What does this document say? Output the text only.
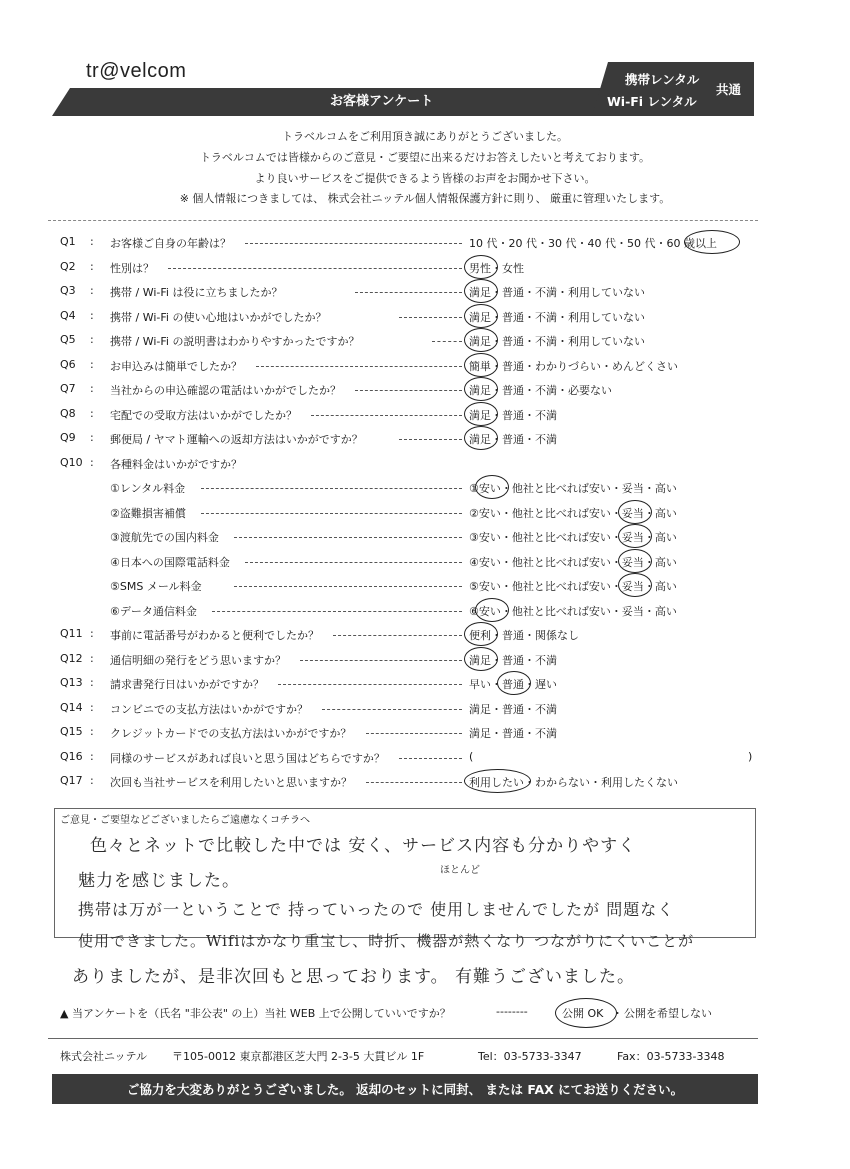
tr@velcom
お客様アンケート
携帯レンタル
Wi-Fi レンタル
共通
トラベルコムをご利用頂き誠にありがとうございました。
トラベルコムでは皆様からのご意見・ご要望に出来るだけお答えしたいと考えております。
より良いサービスをご提供できるよう皆様のお声をお聞かせ下さい。
※ 個人情報につきましては、 株式会社ニッテル個人情報保護方針に則り、 厳重に管理いたします。
Q1 : お客様ご自身の年齢は？	10 代・20 代・30 代・40 代・50 代・60 歳以上
Q2 : 性別は？	男性・女性
Q3 : 携帯 / Wi-Fi は役に立ちましたか？	満足・普通・不満・利用していない
Q4 : 携帯 / Wi-Fi の使い心地はいかがでしたか？	満足・普通・不満・利用していない
Q5 : 携帯 / Wi-Fi の説明書はわかりやすかったですか？	満足・普通・不満・利用していない
Q6 : お申込みは簡単でしたか？	簡単・普通・わかりづらい・めんどくさい
Q7 : 当社からの申込確認の電話はいかがでしたか？	満足・普通・不満・必要ない
Q8 : 宅配での受取方法はいかがでしたか？	満足・普通・不満
Q9 : 郵便局 / ヤマト運輸への返却方法はいかがですか？	満足・普通・不満
Q10 : 各種料金はいかがですか？
①レンタル料金	①安い・他社と比べれば安い・妥当・高い
②盗難損害補償	②安い・他社と比べれば安い・妥当・高い
③渡航先での国内料金	③安い・他社と比べれば安い・妥当・高い
④日本への国際電話料金	④安い・他社と比べれば安い・妥当・高い
⑤SMS メール料金	⑤安い・他社と比べれば安い・妥当・高い
⑥データ通信料金	⑥安い・他社と比べれば安い・妥当・高い
Q11 : 事前に電話番号がわかると便利でしたか？	便利・普通・関係なし
Q12 : 通信明細の発行をどう思いますか？	満足・普通・不満
Q13 : 請求書発行日はいかがですか？	早い・普通・遅い
Q14 : コンビニでの支払方法はいかがですか？	満足・普通・不満
Q15 : クレジットカードでの支払方法はいかがですか？	満足・普通・不満
Q16 : 同様のサービスがあれば良いと思う国はどちらですか？	(	)
Q17 : 次回も当社サービスを利用したいと思いますか？	利用したい・わからない・利用したくない
ご意見・ご要望などございましたらご遠慮なくコチラへ
色々とネットで比較した中では 安く、サービス内容も分かりやすく
魅力を感じました。
ほとんど
携帯は万が一ということで 持っていったので 使用しませんでしたが 問題なく
使用できました。Wifiはかなり重宝し、時折、機器が熱くなり つながりにくいことが
ありましたが、是非次回もと思っております。 有難うございました。
▲ 当アンケートを（氏名 "非公表" の上）当社 WEB 上で公開していいですか？	--------	公開 OK ・ 公開を希望しない
株式会社ニッテル 〒105-0012 東京都港区芝大門 2-3-5 大貫ビル 1F	Tel：03-5733-3347	Fax：03-5733-3348
ご協力を大変ありがとうございました。 返却のセットに同封、 または FAX にてお送りください。
